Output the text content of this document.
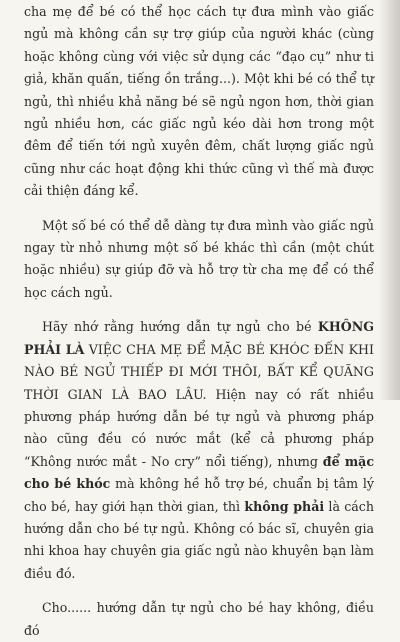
cha mẹ để bé có thể học cách tự đưa mình vào giấc ngủ mà không cần sự trợ giúp của người khác (cùng hoặc không cùng với việc sử dụng các “đạo cụ” như ti giả, khăn quấn, tiếng ồn trắng...). Một khi bé có thể tự ngủ, thì nhiều khả năng bé sẽ ngủ ngon hơn, thời gian ngủ nhiều hơn, các giấc ngủ kéo dài hơn trong một đêm để tiến tới ngủ xuyên đêm, chất lượng giấc ngủ cũng như các hoạt động khi thức cũng vì thế mà được cải thiện đáng kể.

Một số bé có thể dễ dàng tự đưa mình vào giấc ngủ ngay từ nhỏ nhưng một số bé khác thì cần (một chút hoặc nhiều) sự giúp đỡ và hỗ trợ từ cha mẹ để có thể học cách ngủ.

Hãy nhớ rằng hướng dẫn tự ngủ cho bé KHÔNG PHẢI LÀ VIỆC CHA MẸ ĐỂ MẶC BÉ KHÓC ĐẾN KHI NÀO BÉ NGỦ THIẾP ĐI MỚI THÔI, BẤT KỂ QUÃNG THỜI GIAN LÀ BAO LÂU. Hiện nay có rất nhiều phương pháp hướng dẫn bé tự ngủ và phương pháp nào cũng đều có nước mắt (kể cả phương pháp “Không nước mắt - No cry” nổi tiếng), nhưng để mặc cho bé khóc mà không hề hỗ trợ bé, chuẩn bị tâm lý cho bé, hay giới hạn thời gian, thì không phải là cách hướng dẫn cho bé tự ngủ. Không có bác sĩ, chuyên gia nhi khoa hay chuyên gia giấc ngủ nào khuyên bạn làm điều đó.

Cho...... hướng dẫn tự ngủ cho bé hay không, điều đó
